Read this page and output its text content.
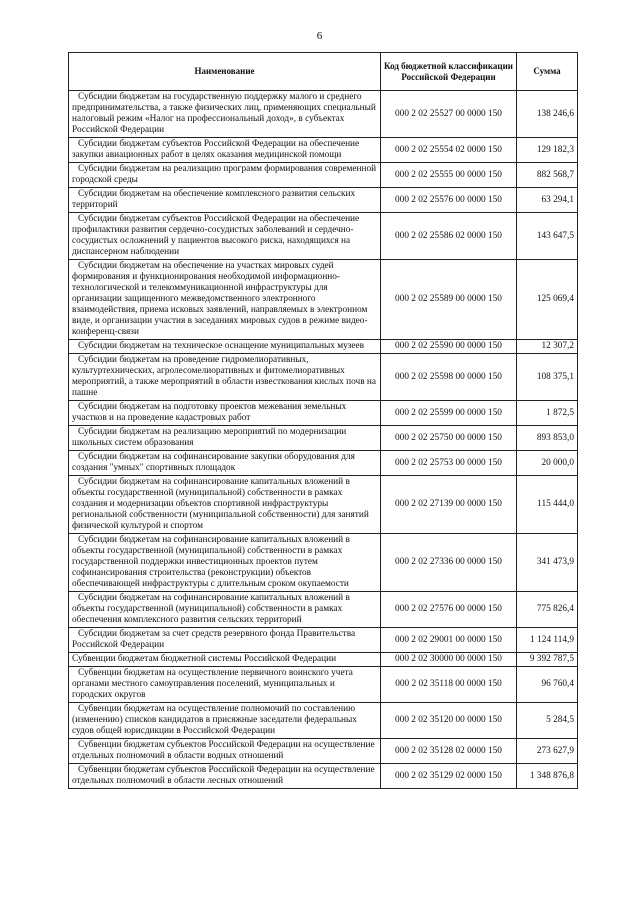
6
Наименование	Код бюджетной классификации Российской Федерации	Сумма
Субсидии бюджетам на государственную поддержку малого и среднего предпринимательства, а также физических лиц, применяющих специальный налоговый режим «Налог на профессиональный доход», в субъектах Российской Федерации	000 2 02 25527 00 0000 150	138 246,6
Субсидии бюджетам субъектов Российской Федерации на обеспечение закупки авиационных работ в целях оказания медицинской помощи	000 2 02 25554 02 0000 150	129 182,3
Субсидии бюджетам на реализацию программ формирования современной городской среды	000 2 02 25555 00 0000 150	882 568,7
Субсидии бюджетам на обеспечение комплексного развития сельских территорий	000 2 02 25576 00 0000 150	63 294,1
Субсидии бюджетам субъектов Российской Федерации на обеспечение профилактики развития сердечно-сосудистых заболеваний и сердечно-сосудистых осложнений у пациентов высокого риска, находящихся на диспансерном наблюдении	000 2 02 25586 02 0000 150	143 647,5
Субсидии бюджетам на обеспечение на участках мировых судей формирования и функционирования необходимой информационно-технологической и телекоммуникационной инфраструктуры для организации защищенного межведомственного электронного взаимодействия, приема исковых заявлений, направляемых в электронном виде, и организации участия в заседаниях мировых судов в режиме видео-конференц-связи	000 2 02 25589 00 0000 150	125 069,4
Субсидии бюджетам на техническое оснащение муниципальных музеев	000 2 02 25590 00 0000 150	12 307,2
Субсидии бюджетам на проведение гидромелиоративных, культуртехнических, агролесомелиоративных и фитомелиоративных мероприятий, а также мероприятий в области известкования кислых почв на пашне	000 2 02 25598 00 0000 150	108 375,1
Субсидии бюджетам на подготовку проектов межевания земельных участков и на проведение кадастровых работ	000 2 02 25599 00 0000 150	1 872,5
Субсидии бюджетам на реализацию мероприятий по модернизации школьных систем образования	000 2 02 25750 00 0000 150	893 853,0
Субсидии бюджетам на софинансирование закупки оборудования для создания "умных" спортивных площадок	000 2 02 25753 00 0000 150	20 000,0
Субсидии бюджетам на софинансирование капитальных вложений в объекты государственной (муниципальной) собственности в рамках создания и модернизации объектов спортивной инфраструктуры региональной собственности (муниципальной собственности) для занятий физической культурой и спортом	000 2 02 27139 00 0000 150	115 444,0
Субсидии бюджетам на софинансирование капитальных вложений в объекты государственной (муниципальной) собственности в рамках государственной поддержки инвестиционных проектов путем софинансирования строительства (реконструкции) объектов обеспечивающей инфраструктуры с длительным сроком окупаемости	000 2 02 27336 00 0000 150	341 473,9
Субсидии бюджетам на софинансирование капитальных вложений в объекты государственной (муниципальной) собственности в рамках обеспечения комплексного развития сельских территорий	000 2 02 27576 00 0000 150	775 826,4
Субсидии бюджетам за счет средств резервного фонда Правительства Российской Федерации	000 2 02 29001 00 0000 150	1 124 114,9
Субвенции бюджетам бюджетной системы Российской Федерации	000 2 02 30000 00 0000 150	9 392 787,5
Субвенции бюджетам на осуществление первичного воинского учета органами местного самоуправления поселений, муниципальных и городских округов	000 2 02 35118 00 0000 150	96 760,4
Субвенции бюджетам на осуществление полномочий по составлению (изменению) списков кандидатов в присяжные заседатели федеральных судов общей юрисдикции в Российской Федерации	000 2 02 35120 00 0000 150	5 284,5
Субвенции бюджетам субъектов Российской Федерации на осуществление отдельных полномочий в области водных отношений	000 2 02 35128 02 0000 150	273 627,9
Субвенции бюджетам субъектов Российской Федерации на осуществление отдельных полномочий в области лесных отношений	000 2 02 35129 02 0000 150	1 348 876,8
